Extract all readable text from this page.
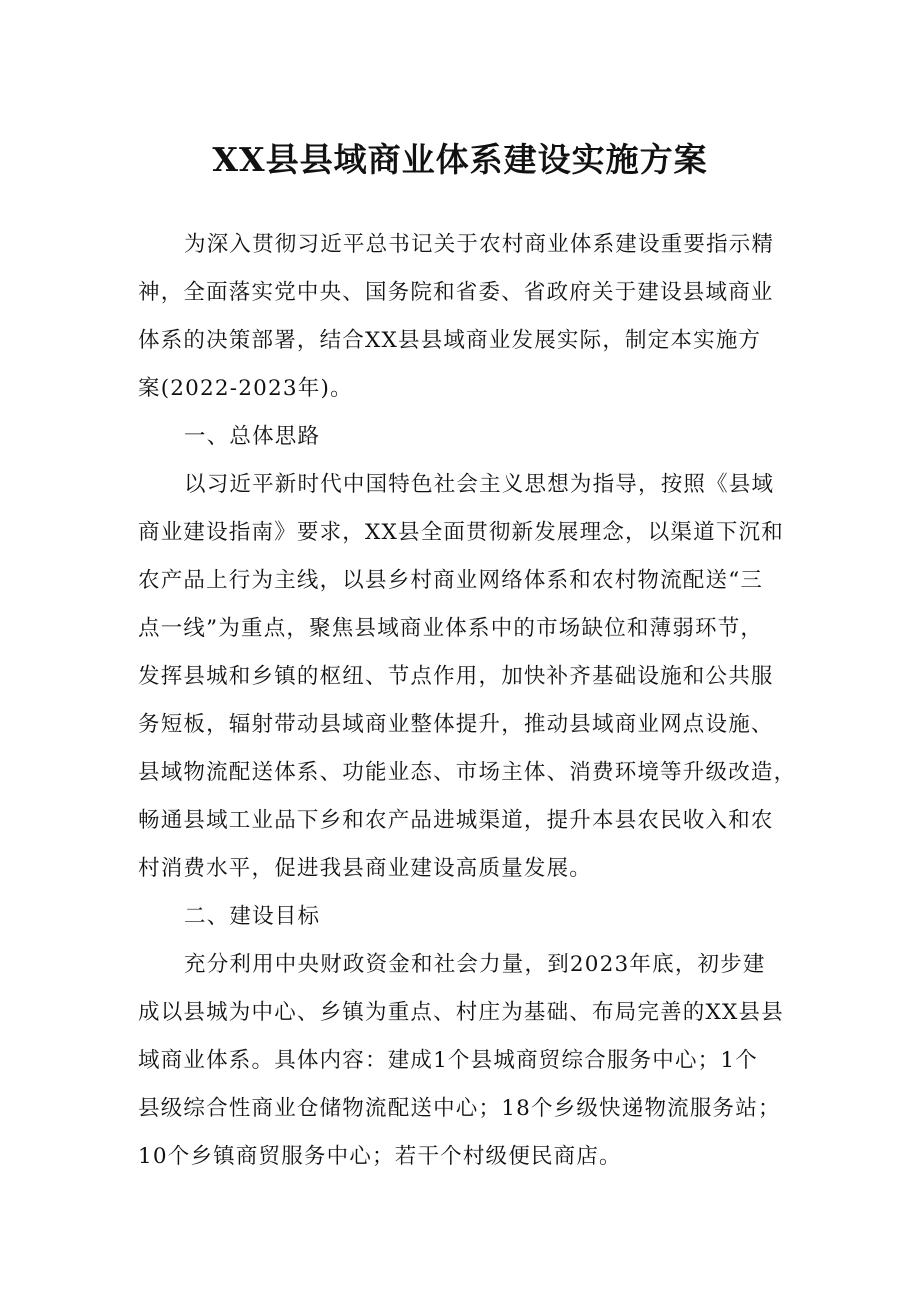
XX县县域商业体系建设实施方案
为深入贯彻习近平总书记关于农村商业体系建设重要指示精
神，全面落实党中央、国务院和省委、省政府关于建设县域商业
体系的决策部署，结合XX县县域商业发展实际，制定本实施方
案(2022-2023年)。
一、总体思路
以习近平新时代中国特色社会主义思想为指导，按照《县域
商业建设指南》要求，XX县全面贯彻新发展理念，以渠道下沉和
农产品上行为主线，以县乡村商业网络体系和农村物流配送“三
点一线”为重点，聚焦县域商业体系中的市场缺位和薄弱环节，
发挥县城和乡镇的枢纽、节点作用，加快补齐基础设施和公共服
务短板，辐射带动县域商业整体提升，推动县域商业网点设施、
县域物流配送体系、功能业态、市场主体、消费环境等升级改造，
畅通县域工业品下乡和农产品进城渠道，提升本县农民收入和农
村消费水平，促进我县商业建设高质量发展。
二、建设目标
充分利用中央财政资金和社会力量，到2023年底，初步建
成以县城为中心、乡镇为重点、村庄为基础、布局完善的XX县县
域商业体系。具体内容：建成1个县城商贸综合服务中心；1个
县级综合性商业仓储物流配送中心；18个乡级快递物流服务站；
10个乡镇商贸服务中心；若干个村级便民商店。
